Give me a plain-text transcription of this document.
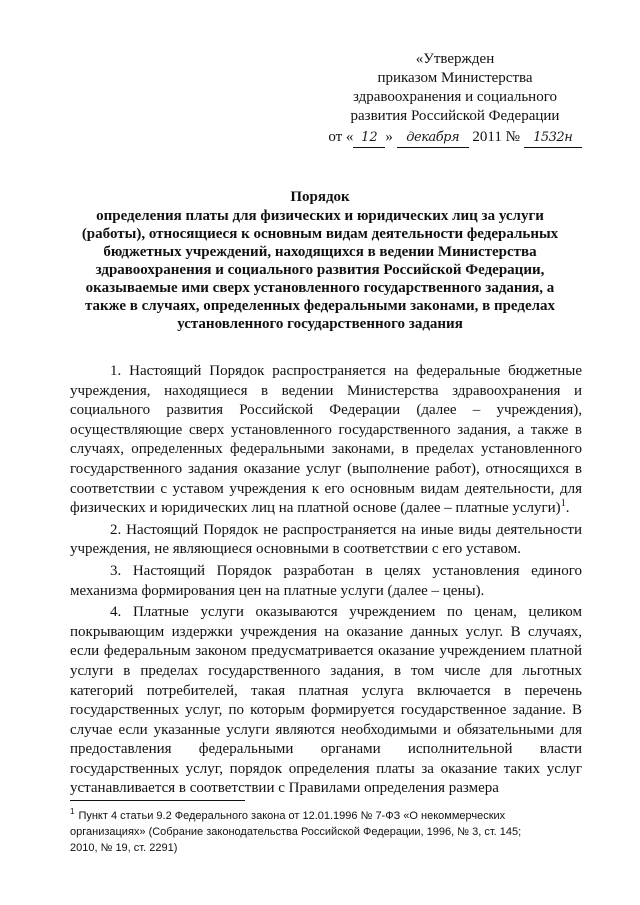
«Утвержден
приказом Министерства
здравоохранения и социального
развития Российской Федерации
от « 12 » декабря 2011 № 1532н
Порядок
определения платы для физических и юридических лиц за услуги (работы), относящиеся к основным видам деятельности федеральных бюджетных учреждений, находящихся в ведении Министерства здравоохранения и социального развития Российской Федерации, оказываемые ими сверх установленного государственного задания, а также в случаях, определенных федеральными законами, в пределах установленного государственного задания

1. Настоящий Порядок распространяется на федеральные бюджетные учреждения, находящиеся в ведении Министерства здравоохранения и социального развития Российской Федерации (далее – учреждения), осуществляющие сверх установленного государственного задания, а также в случаях, определенных федеральными законами, в пределах установленного государственного задания оказание услуг (выполнение работ), относящихся в соответствии с уставом учреждения к его основным видам деятельности, для физических и юридических лиц на платной основе (далее – платные услуги)$^1$.

2. Настоящий Порядок не распространяется на иные виды деятельности учреждения, не являющиеся основными в соответствии с его уставом.

3. Настоящий Порядок разработан в целях установления единого механизма формирования цен на платные услуги (далее – цены).

4. Платные услуги оказываются учреждением по ценам, целиком покрывающим издержки учреждения на оказание данных услуг. В случаях, если федеральным законом предусматривается оказание учреждением платной услуги в пределах государственного задания, в том числе для льготных категорий потребителей, такая платная услуга включается в перечень государственных услуг, по которым формируется государственное задание. В случае если указанные услуги являются необходимыми и обязательными для предоставления федеральными органами исполнительной власти государственных услуг, порядок определения платы за оказание таких услуг устанавливается в соответствии с Правилами определения размера

$^1$ Пункт 4 статьи 9.2 Федерального закона от 12.01.1996 № 7-ФЗ «О некоммерческих организациях» (Собрание законодательства Российской Федерации, 1996, № 3, ст. 145; 2010, № 19, ст. 2291)
